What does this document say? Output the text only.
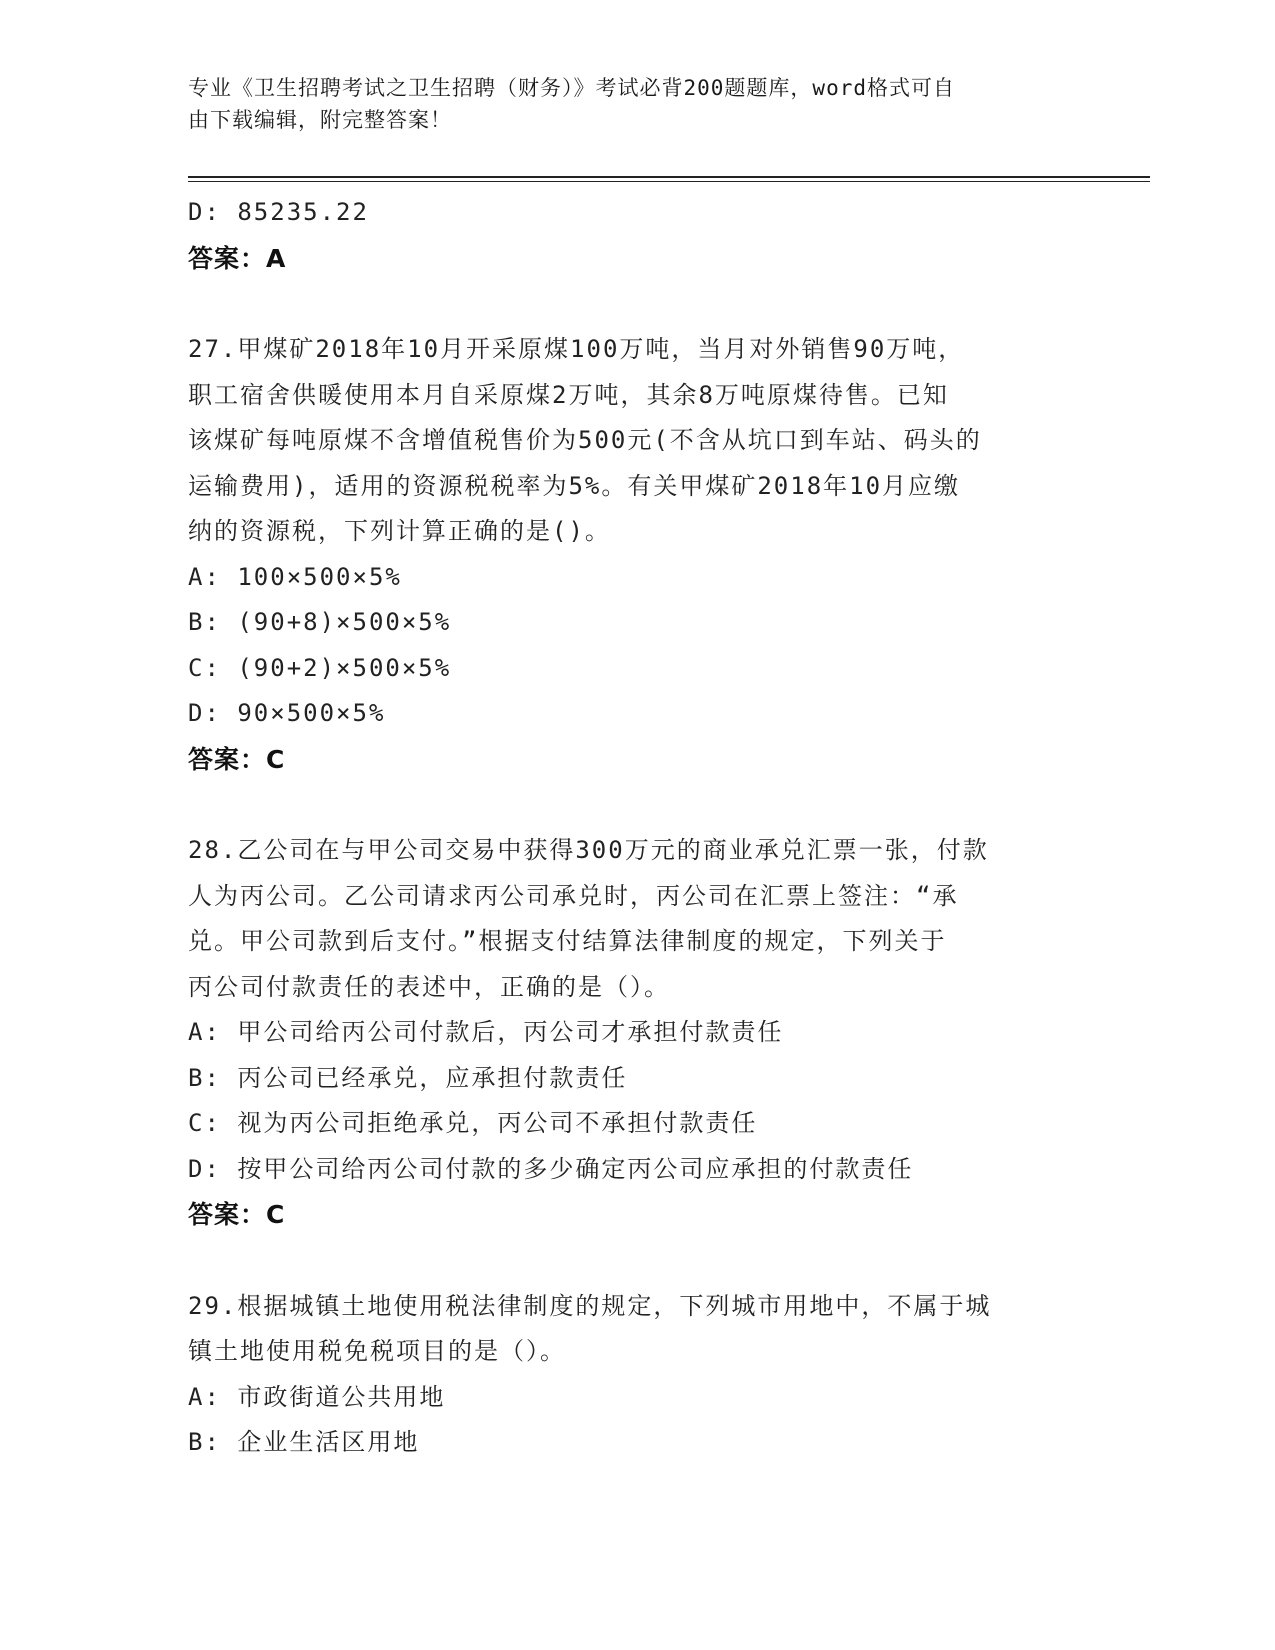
专业《卫生招聘考试之卫生招聘（财务）》考试必背200题题库，word格式可自
由下载编辑，附完整答案！
D: 85235.22
答案：A
27.甲煤矿2018年10月开采原煤100万吨，当月对外销售90万吨，
职工宿舍供暖使用本月自采原煤2万吨，其余8万吨原煤待售。已知
该煤矿每吨原煤不含增值税售价为500元(不含从坑口到车站、码头的
运输费用)，适用的资源税税率为5%。有关甲煤矿2018年10月应缴
纳的资源税，下列计算正确的是()。
A: 100×500×5%
B: (90+8)×500×5%
C: (90+2)×500×5%
D: 90×500×5%
答案：C
28.乙公司在与甲公司交易中获得300万元的商业承兑汇票一张，付款
人为丙公司。乙公司请求丙公司承兑时，丙公司在汇票上签注：“承
兑。甲公司款到后支付。”根据支付结算法律制度的规定，下列关于
丙公司付款责任的表述中，正确的是（）。
A: 甲公司给丙公司付款后，丙公司才承担付款责任
B: 丙公司已经承兑，应承担付款责任
C: 视为丙公司拒绝承兑，丙公司不承担付款责任
D: 按甲公司给丙公司付款的多少确定丙公司应承担的付款责任
答案：C
29.根据城镇土地使用税法律制度的规定，下列城市用地中，不属于城
镇土地使用税免税项目的是（）。
A: 市政街道公共用地
B: 企业生活区用地
